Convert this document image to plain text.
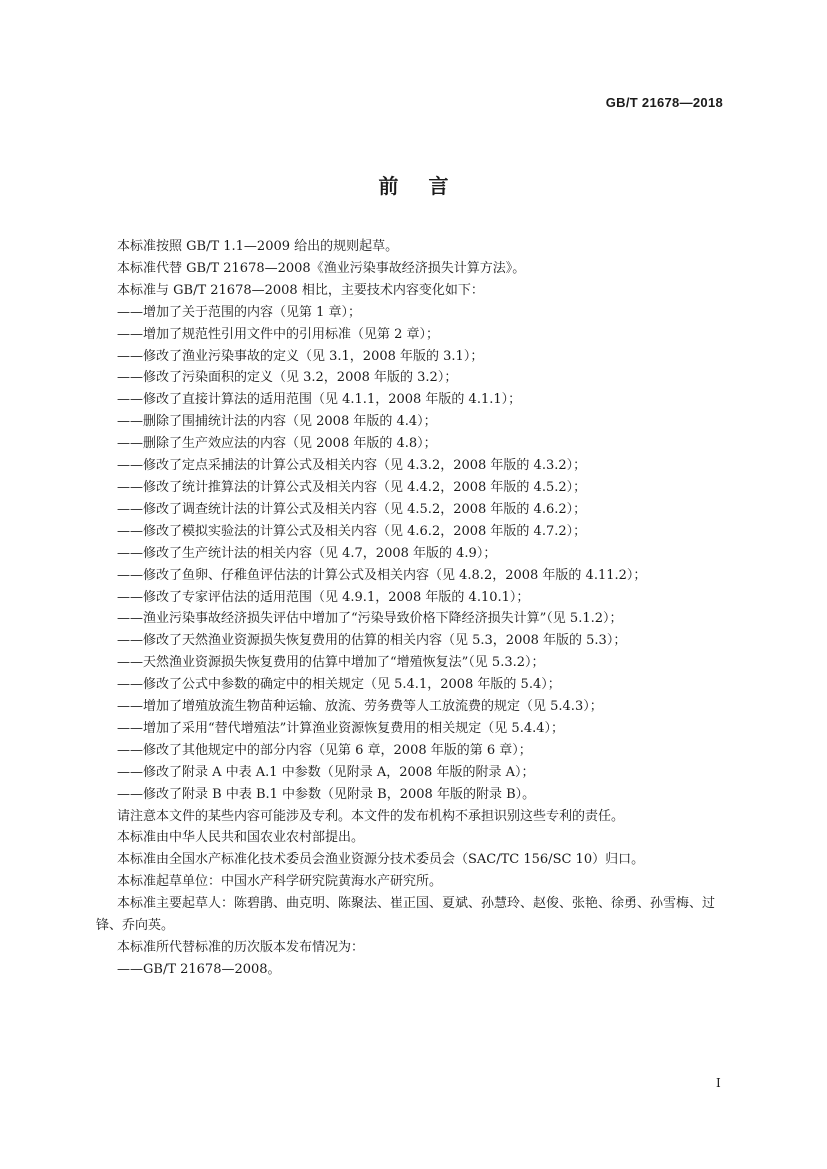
GB/T 21678—2018
前言

本标准按照 GB/T 1.1—2009 给出的规则起草。

本标准代替 GB/T 21678—2008《渔业污染事故经济损失计算方法》。

本标准与 GB/T 21678—2008 相比，主要技术内容变化如下：

——增加了关于范围的内容（见第 1 章）；

——增加了规范性引用文件中的引用标准（见第 2 章）；

——修改了渔业污染事故的定义（见 3.1，2008 年版的 3.1）；

——修改了污染面积的定义（见 3.2，2008 年版的 3.2）；

——修改了直接计算法的适用范围（见 4.1.1，2008 年版的 4.1.1）；

——删除了围捕统计法的内容（见 2008 年版的 4.4）；

——删除了生产效应法的内容（见 2008 年版的 4.8）；

——修改了定点采捕法的计算公式及相关内容（见 4.3.2，2008 年版的 4.3.2）；

——修改了统计推算法的计算公式及相关内容（见 4.4.2，2008 年版的 4.5.2）；

——修改了调查统计法的计算公式及相关内容（见 4.5.2，2008 年版的 4.6.2）；

——修改了模拟实验法的计算公式及相关内容（见 4.6.2，2008 年版的 4.7.2）；

——修改了生产统计法的相关内容（见 4.7，2008 年版的 4.9）；

——修改了鱼卵、仔稚鱼评估法的计算公式及相关内容（见 4.8.2，2008 年版的 4.11.2）；

——修改了专家评估法的适用范围（见 4.9.1，2008 年版的 4.10.1）；

——渔业污染事故经济损失评估中增加了“污染导致价格下降经济损失计算”（见 5.1.2）；

——修改了天然渔业资源损失恢复费用的估算的相关内容（见 5.3，2008 年版的 5.3）；

——天然渔业资源损失恢复费用的估算中增加了“增殖恢复法”（见 5.3.2）；

——修改了公式中参数的确定中的相关规定（见 5.4.1，2008 年版的 5.4）；

——增加了增殖放流生物苗种运输、放流、劳务费等人工放流费的规定（见 5.4.3）；

——增加了采用“替代增殖法”计算渔业资源恢复费用的相关规定（见 5.4.4）；

——修改了其他规定中的部分内容（见第 6 章，2008 年版的第 6 章）；

——修改了附录 A 中表 A.1 中参数（见附录 A，2008 年版的附录 A）；

——修改了附录 B 中表 B.1 中参数（见附录 B，2008 年版的附录 B）。

请注意本文件的某些内容可能涉及专利。本文件的发布机构不承担识别这些专利的责任。

本标准由中华人民共和国农业农村部提出。

本标准由全国水产标准化技术委员会渔业资源分技术委员会（SAC/TC 156/SC 10）归口。

本标准起草单位：中国水产科学研究院黄海水产研究所。

本标准主要起草人：陈碧鹃、曲克明、陈聚法、崔正国、夏斌、孙慧玲、赵俊、张艳、徐勇、孙雪梅、过锋、乔向英。

本标准所代替标准的历次版本发布情况为：

——GB/T 21678—2008。

I
